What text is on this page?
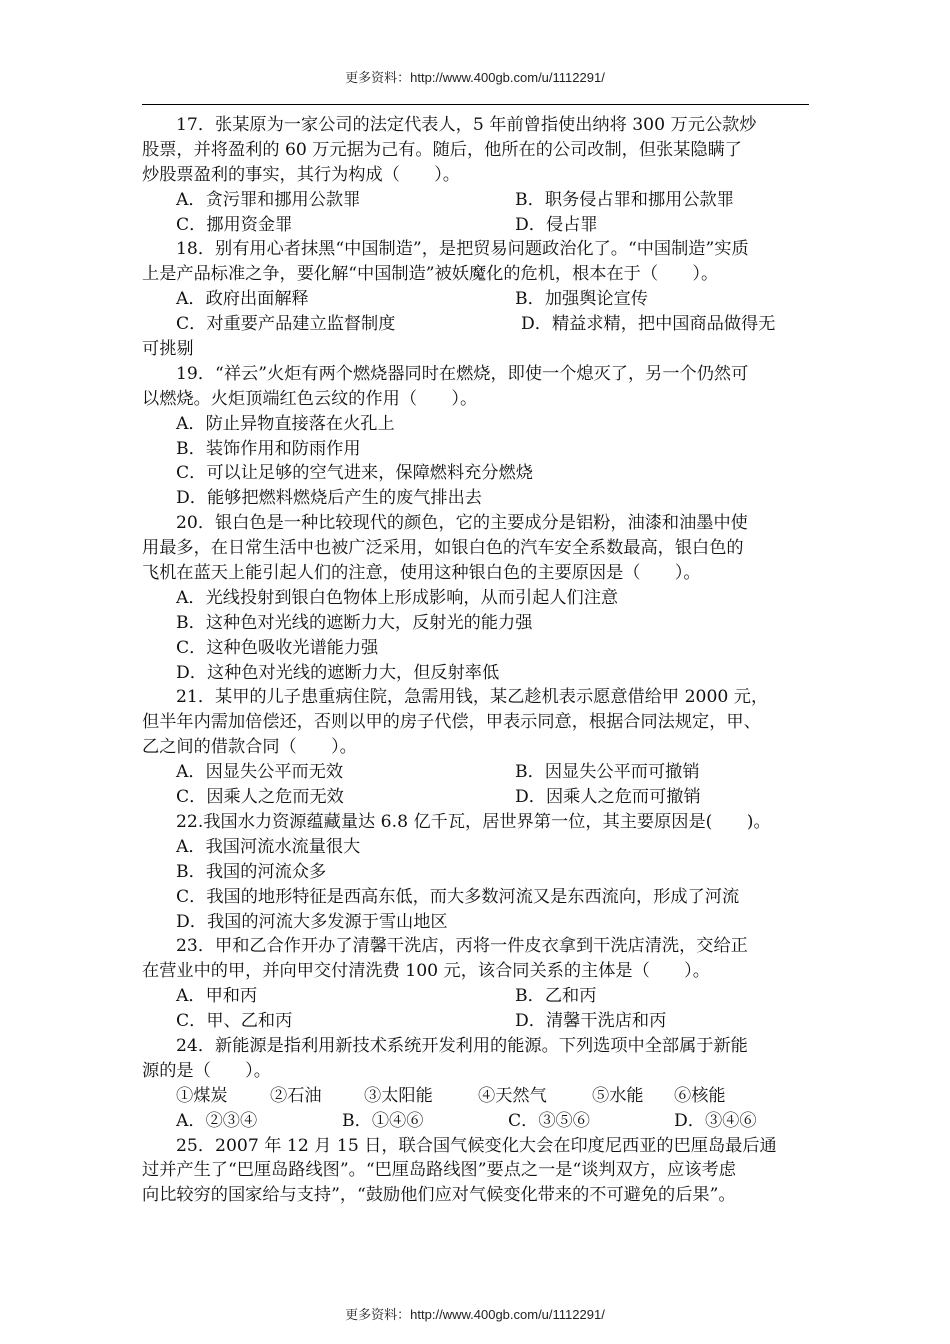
更多资料：http://www.400gb.com/u/1112291/
17．张某原为一家公司的法定代表人，5 年前曾指使出纳将 300 万元公款炒
股票，并将盈利的 60 万元据为己有。随后，他所在的公司改制，但张某隐瞒了
炒股票盈利的事实，其行为构成（　　）。
A．贪污罪和挪用公款罪	B．职务侵占罪和挪用公款罪
C．挪用资金罪	D．侵占罪
18．别有用心者抹黑“中国制造”，是把贸易问题政治化了。“中国制造”实质
上是产品标准之争，要化解“中国制造”被妖魔化的危机，根本在于（　　）。
A．政府出面解释	B．加强舆论宣传
C．对重要产品建立监督制度	D．精益求精，把中国商品做得无
可挑剔
19．“祥云”火炬有两个燃烧器同时在燃烧，即使一个熄灭了，另一个仍然可
以燃烧。火炬顶端红色云纹的作用（　　）。
A．防止异物直接落在火孔上
B．装饰作用和防雨作用
C．可以让足够的空气进来，保障燃料充分燃烧
D．能够把燃料燃烧后产生的废气排出去
20．银白色是一种比较现代的颜色，它的主要成分是铝粉，油漆和油墨中使
用最多，在日常生活中也被广泛采用，如银白色的汽车安全系数最高，银白色的
飞机在蓝天上能引起人们的注意，使用这种银白色的主要原因是（　　）。
A．光线投射到银白色物体上形成影响，从而引起人们注意
B．这种色对光线的遮断力大，反射光的能力强
C．这种色吸收光谱能力强
D．这种色对光线的遮断力大，但反射率低
21．某甲的儿子患重病住院，急需用钱，某乙趁机表示愿意借给甲 2000 元，
但半年内需加倍偿还，否则以甲的房子代偿，甲表示同意，根据合同法规定，甲、
乙之间的借款合同（　　）。
A．因显失公平而无效	B．因显失公平而可撤销
C．因乘人之危而无效	D．因乘人之危而可撤销
22.我国水力资源蕴藏量达 6.8 亿千瓦，居世界第一位，其主要原因是(　　)。
A．我国河流水流量很大
B．我国的河流众多
C．我国的地形特征是西高东低，而大多数河流又是东西流向，形成了河流
D．我国的河流大多发源于雪山地区
23．甲和乙合作开办了清馨干洗店，丙将一件皮衣拿到干洗店清洗，交给正
在营业中的甲，并向甲交付清洗费 100 元，该合同关系的主体是（　　）。
A．甲和丙	B．乙和丙
C．甲、乙和丙	D．清馨干洗店和丙
24．新能源是指利用新技术系统开发利用的能源。下列选项中全部属于新能
源的是（　　）。
①煤炭	②石油	③太阳能	④天然气	⑤水能	⑥核能
A．②③④	B．①④⑥	C．③⑤⑥	D．③④⑥
25．2007 年 12 月 15 日，联合国气候变化大会在印度尼西亚的巴厘岛最后通
过并产生了“巴厘岛路线图”。“巴厘岛路线图”要点之一是“谈判双方，应该考虑
向比较穷的国家给与支持”，“鼓励他们应对气候变化带来的不可避免的后果”。
更多资料：http://www.400gb.com/u/1112291/
